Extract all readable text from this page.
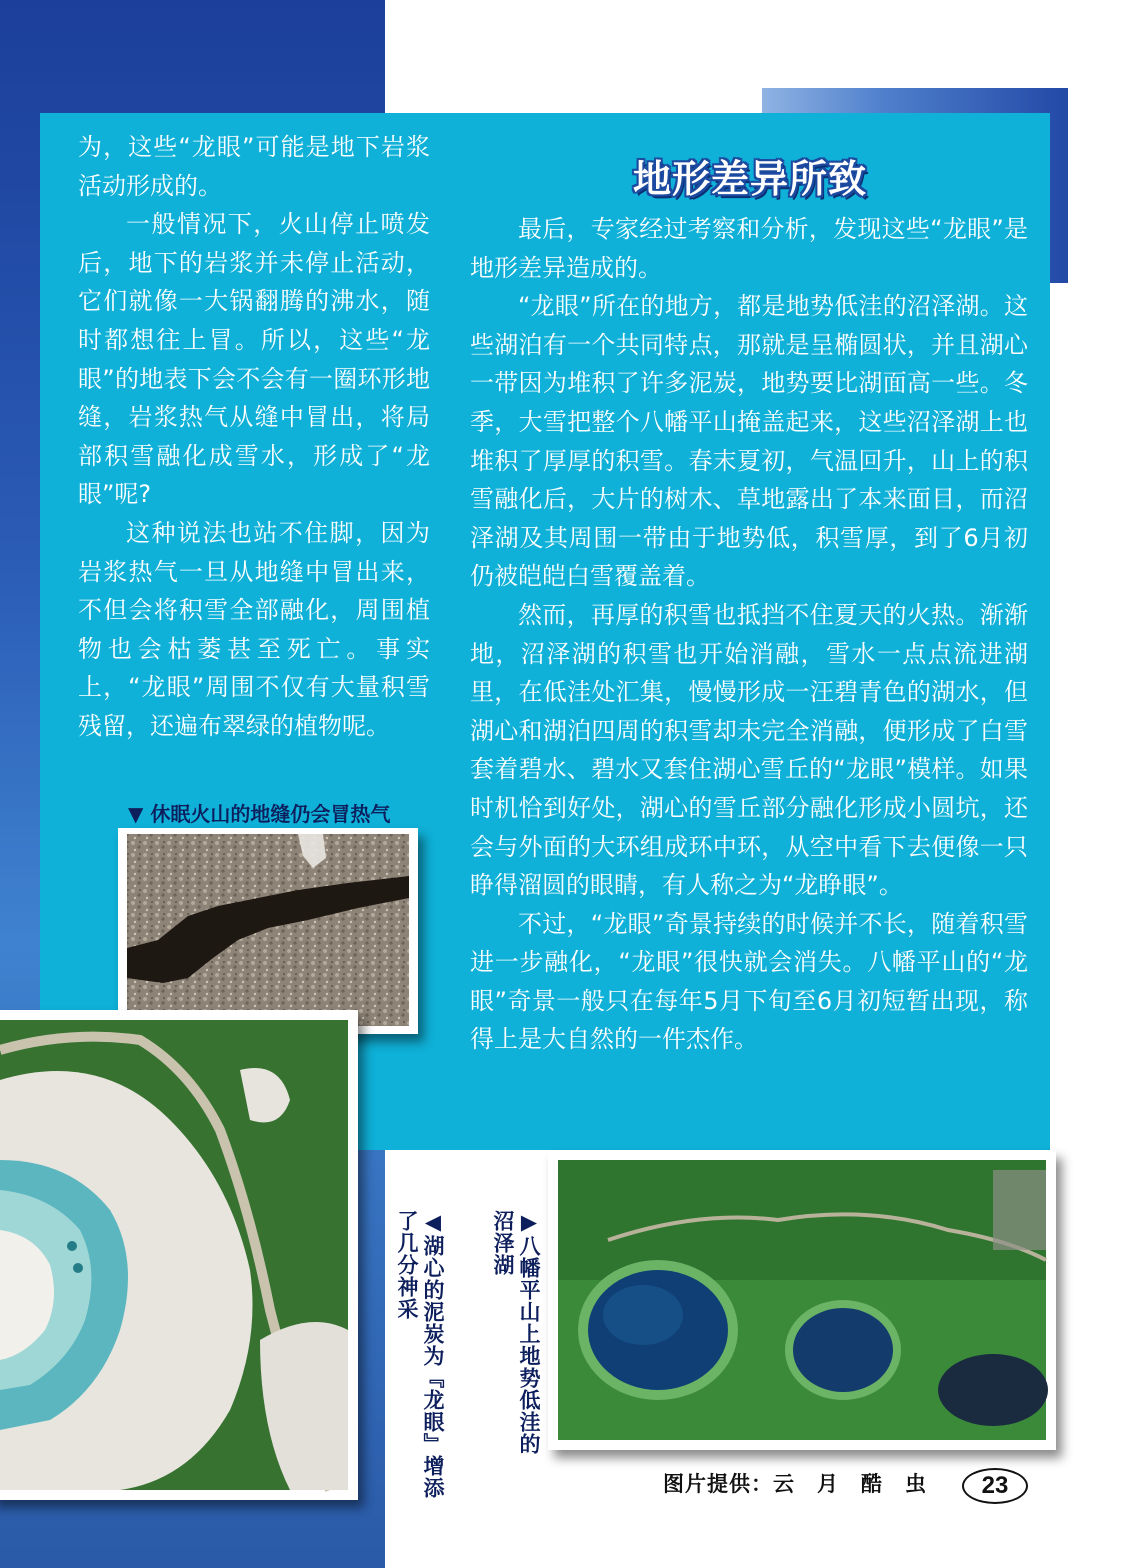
地形差异所致

为，这些“龙眼”可能是地下岩浆活动形成的。

一般情况下，火山停止喷发后，地下的岩浆并未停止活动，它们就像一大锅翻腾的沸水，随时都想往上冒。所以，这些“龙眼”的地表下会不会有一圈环形地缝，岩浆热气从缝中冒出，将局部积雪融化成雪水，形成了“龙眼”呢?

这种说法也站不住脚，因为岩浆热气一旦从地缝中冒出来，不但会将积雪全部融化，周围植物也会枯萎甚至死亡。事实上，“龙眼”周围不仅有大量积雪残留，还遍布翠绿的植物呢。

最后，专家经过考察和分析，发现这些“龙眼”是地形差异造成的。

“龙眼”所在的地方，都是地势低洼的沼泽湖。这些湖泊有一个共同特点，那就是呈椭圆状，并且湖心一带因为堆积了许多泥炭，地势要比湖面高一些。冬季，大雪把整个八幡平山掩盖起来，这些沼泽湖上也堆积了厚厚的积雪。春末夏初，气温回升，山上的积雪融化后，大片的树木、草地露出了本来面目，而沼泽湖及其周围一带由于地势低，积雪厚，到了6月初仍被皑皑白雪覆盖着。

然而，再厚的积雪也抵挡不住夏天的火热。渐渐地，沼泽湖的积雪也开始消融，雪水一点点流进湖里，在低洼处汇集，慢慢形成一汪碧青色的湖水，但湖心和湖泊四周的积雪却未完全消融，便形成了白雪套着碧水、碧水又套住湖心雪丘的“龙眼”模样。如果时机恰到好处，湖心的雪丘部分融化形成小圆坑，还会与外面的大环组成环中环，从空中看下去便像一只睁得溜圆的眼睛，有人称之为“龙睁眼”。

不过，“龙眼”奇景持续的时候并不长，随着积雪进一步融化，“龙眼”很快就会消失。八幡平山的“龙眼”奇景一般只在每年5月下旬至6月初短暂出现，称得上是大自然的一件杰作。

▼ 休眠火山的地缝仍会冒热气
◀湖心的泥炭为『龙眼』增添了几分神采	▶八幡平山上地势低洼的沼泽湖
图片提供：云　月　酷　虫	23
